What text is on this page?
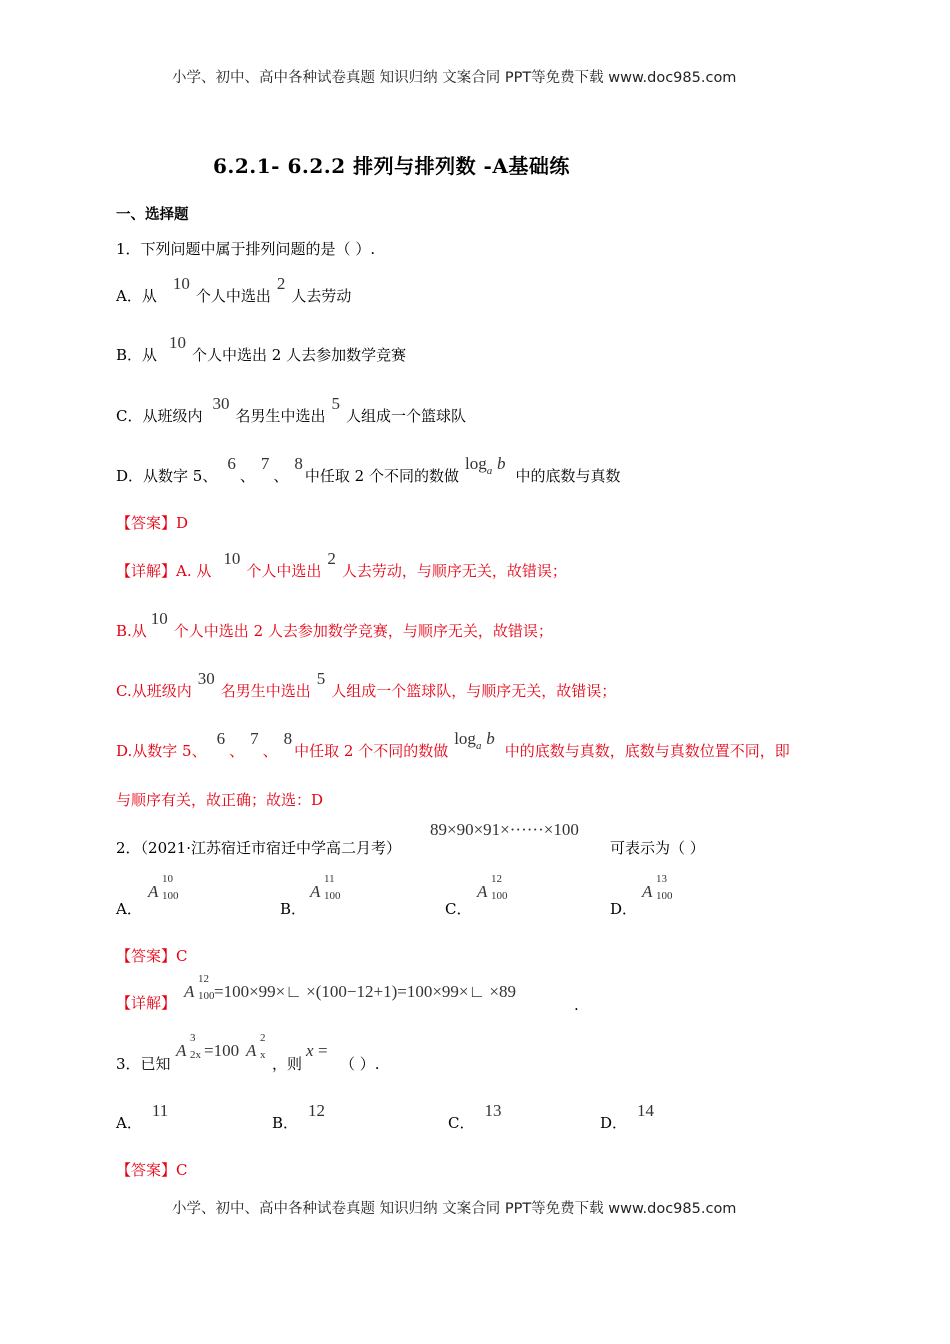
小学、初中、高中各种试卷真题 知识归纳 文案合同 PPT等免费下载 www.doc985.com
6.2.1- 6.2.2 排列与排列数 -A基础练
一、选择题
1．下列问题中属于排列问题的是（ ）.
A．从10个人中选出2人去劳动
B．从10个人中选出 2 人去参加数学竞赛
C．从班级内30名男生中选出5人组成一个篮球队
D．从数字 5、6、7、8中任取 2 个不同的数做$\log_a b$中的底数与真数
【答案】D
【详解】A. 从10个人中选出2人去劳动，与顺序无关，故错误；
B.从10个人中选出 2 人去参加数学竞赛，与顺序无关，故错误；
C.从班级内30名男生中选出5人组成一个篮球队，与顺序无关，故错误；
D.从数字 5、6、7、8中任取 2 个不同的数做$\log_a b$中的底数与真数，底数与真数位置不同，即
与顺序有关，故正确；故选：D
2．（2021·江苏宿迁市宿迁中学高二月考）
89×90×91×······×100
可表示为（ ）
A．
A
10
100
B．
A
11
100
C．
A
12
100
D．
A
13
100
【答案】C
【详解】
A
12
100 =100×99×∟ ×(100−12+1)=100×99×∟ ×89
.
3．已知
A
3
2x =100 A
2
x ，则
x =
（ ）.
A．11
B．12
C．13
D．14
【答案】C
小学、初中、高中各种试卷真题 知识归纳 文案合同 PPT等免费下载 www.doc985.com
